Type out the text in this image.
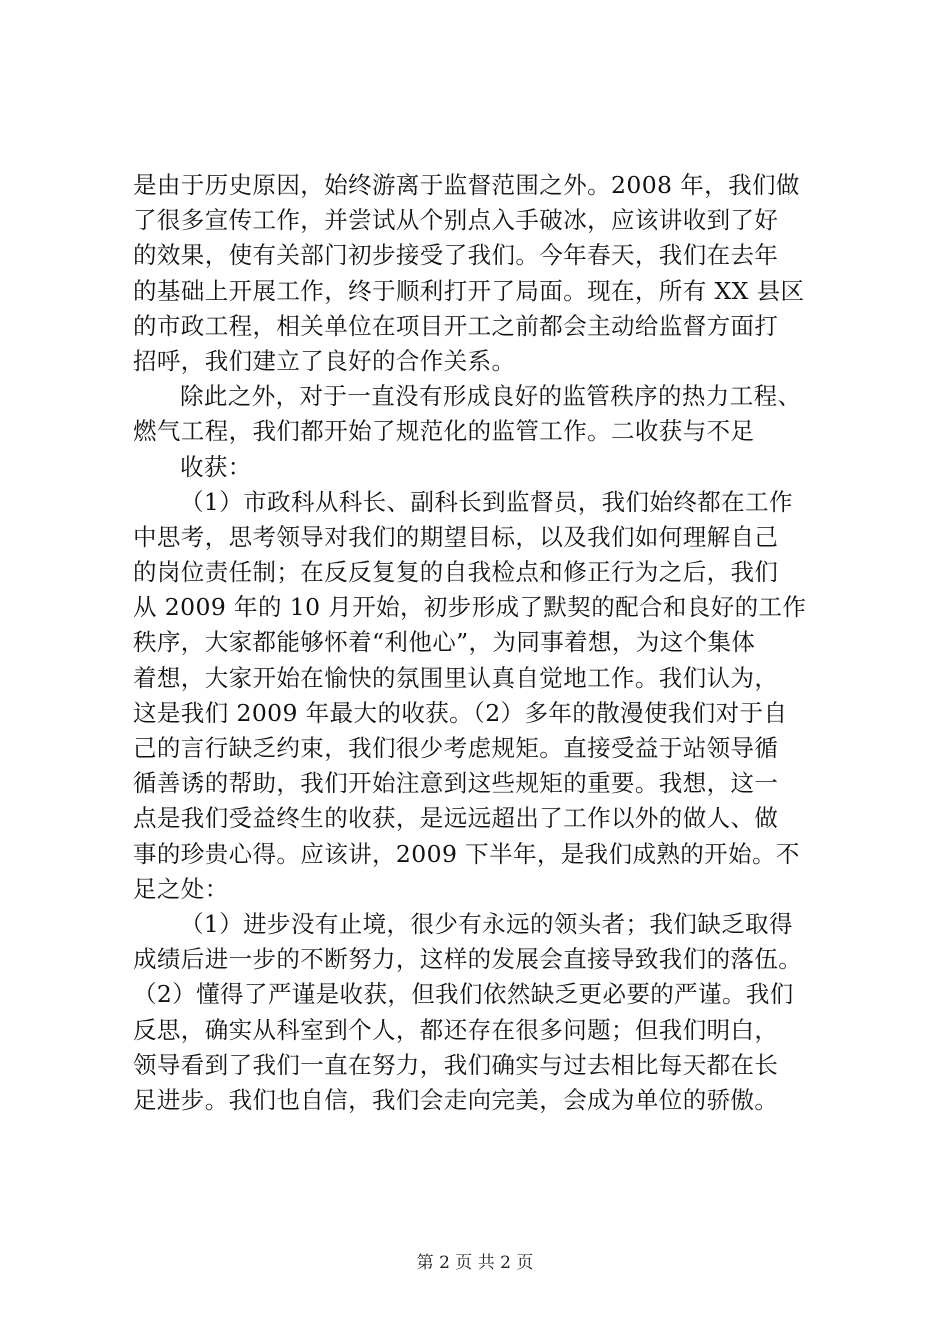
是由于历史原因，始终游离于监督范围之外。2008 年，我们做
了很多宣传工作，并尝试从个别点入手破冰，应该讲收到了好
的效果，使有关部门初步接受了我们。今年春天，我们在去年
的基础上开展工作，终于顺利打开了局面。现在，所有 XX 县区
的市政工程，相关单位在项目开工之前都会主动给监督方面打
招呼，我们建立了良好的合作关系。
除此之外，对于一直没有形成良好的监管秩序的热力工程、
燃气工程，我们都开始了规范化的监管工作。二收获与不足
收获：
（1）市政科从科长、副科长到监督员，我们始终都在工作
中思考，思考领导对我们的期望目标，以及我们如何理解自己
的岗位责任制；在反反复复的自我检点和修正行为之后，我们
从 2009 年的 10 月开始，初步形成了默契的配合和良好的工作
秩序，大家都能够怀着“利他心”，为同事着想，为这个集体
着想，大家开始在愉快的氛围里认真自觉地工作。我们认为，
这是我们 2009 年最大的收获。（2）多年的散漫使我们对于自
己的言行缺乏约束，我们很少考虑规矩。直接受益于站领导循
循善诱的帮助，我们开始注意到这些规矩的重要。我想，这一
点是我们受益终生的收获，是远远超出了工作以外的做人、做
事的珍贵心得。应该讲，2009 下半年，是我们成熟的开始。不
足之处：
（1）进步没有止境，很少有永远的领头者；我们缺乏取得
成绩后进一步的不断努力，这样的发展会直接导致我们的落伍。
（2）懂得了严谨是收获，但我们依然缺乏更必要的严谨。我们
反思，确实从科室到个人，都还存在很多问题；但我们明白，
领导看到了我们一直在努力，我们确实与过去相比每天都在长
足进步。我们也自信，我们会走向完美，会成为单位的骄傲。
第 2 页 共 2 页
